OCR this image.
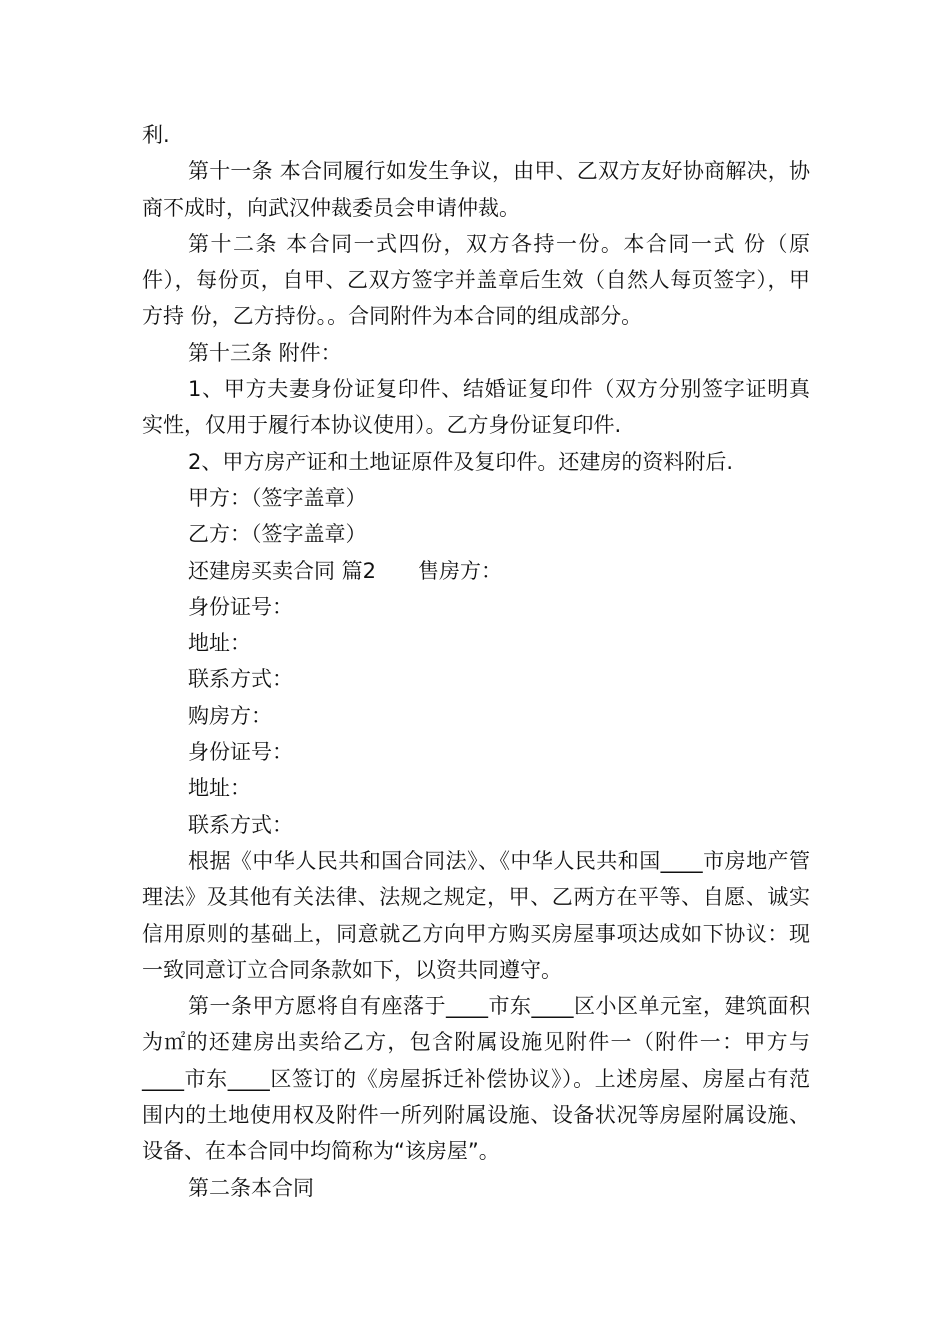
利.

第十一条 本合同履行如发生争议，由甲、乙双方友好协商解决，协商不成时，向武汉仲裁委员会申请仲裁。

第十二条 本合同一式四份，双方各持一份。本合同一式 份（原件），每份页，自甲、乙双方签字并盖章后生效（自然人每页签字），甲方持 份，乙方持份。。合同附件为本合同的组成部分。

第十三条 附件：

1、甲方夫妻身份证复印件、结婚证复印件（双方分别签字证明真实性，仅用于履行本协议使用）。乙方身份证复印件.

2、甲方房产证和土地证原件及复印件。还建房的资料附后.

甲方：（签字盖章）

乙方：（签字盖章）

还建房买卖合同 篇2　　售房方：

身份证号：

地址：

联系方式：

购房方：

身份证号：

地址：

联系方式：

根据《中华人民共和国合同法》、《中华人民共和国____市房地产管理法》及其他有关法律、法规之规定，甲、乙两方在平等、自愿、诚实信用原则的基础上，同意就乙方向甲方购买房屋事项达成如下协议：现一致同意订立合同条款如下，以资共同遵守。

第一条甲方愿将自有座落于____市东____区小区单元室，建筑面积为㎡的还建房出卖给乙方，包含附属设施见附件一（附件一：甲方与____市东____区签订的《房屋拆迁补偿协议》）。上述房屋、房屋占有范围内的土地使用权及附件一所列附属设施、设备状况等房屋附属设施、设备、在本合同中均简称为“该房屋”。

第二条本合同
